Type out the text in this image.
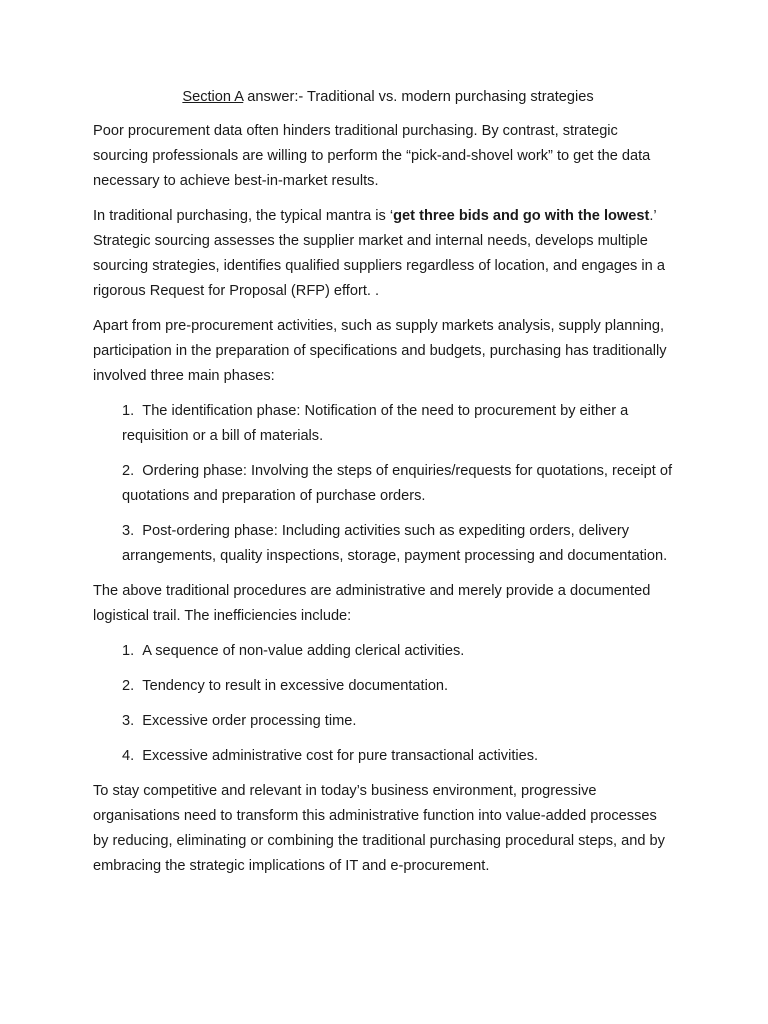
Section A answer:- Traditional vs. modern purchasing strategies

Poor procurement data often hinders traditional purchasing. By contrast, strategic sourcing professionals are willing to perform the “pick-and-shovel work” to get the data necessary to achieve best-in-market results.

In traditional purchasing, the typical mantra is ‘get three bids and go with the lowest.’ Strategic sourcing assesses the supplier market and internal needs, develops multiple sourcing strategies, identifies qualified suppliers regardless of location, and engages in a rigorous Request for Proposal (RFP) effort. .

Apart from pre-procurement activities, such as supply markets analysis, supply planning, participation in the preparation of specifications and budgets, purchasing has traditionally involved three main phases:

1. The identification phase: Notification of the need to procurement by either a requisition or a bill of materials.
2. Ordering phase: Involving the steps of enquiries/requests for quotations, receipt of quotations and preparation of purchase orders.
3. Post-ordering phase: Including activities such as expediting orders, delivery arrangements, quality inspections, storage, payment processing and documentation.

The above traditional procedures are administrative and merely provide a documented logistical trail. The inefficiencies include:

1. A sequence of non-value adding clerical activities.
2. Tendency to result in excessive documentation.
3. Excessive order processing time.
4. Excessive administrative cost for pure transactional activities.

To stay competitive and relevant in today’s business environment, progressive organisations need to transform this administrative function into value-added processes by reducing, eliminating or combining the traditional purchasing procedural steps, and by embracing the strategic implications of IT and e-procurement.
